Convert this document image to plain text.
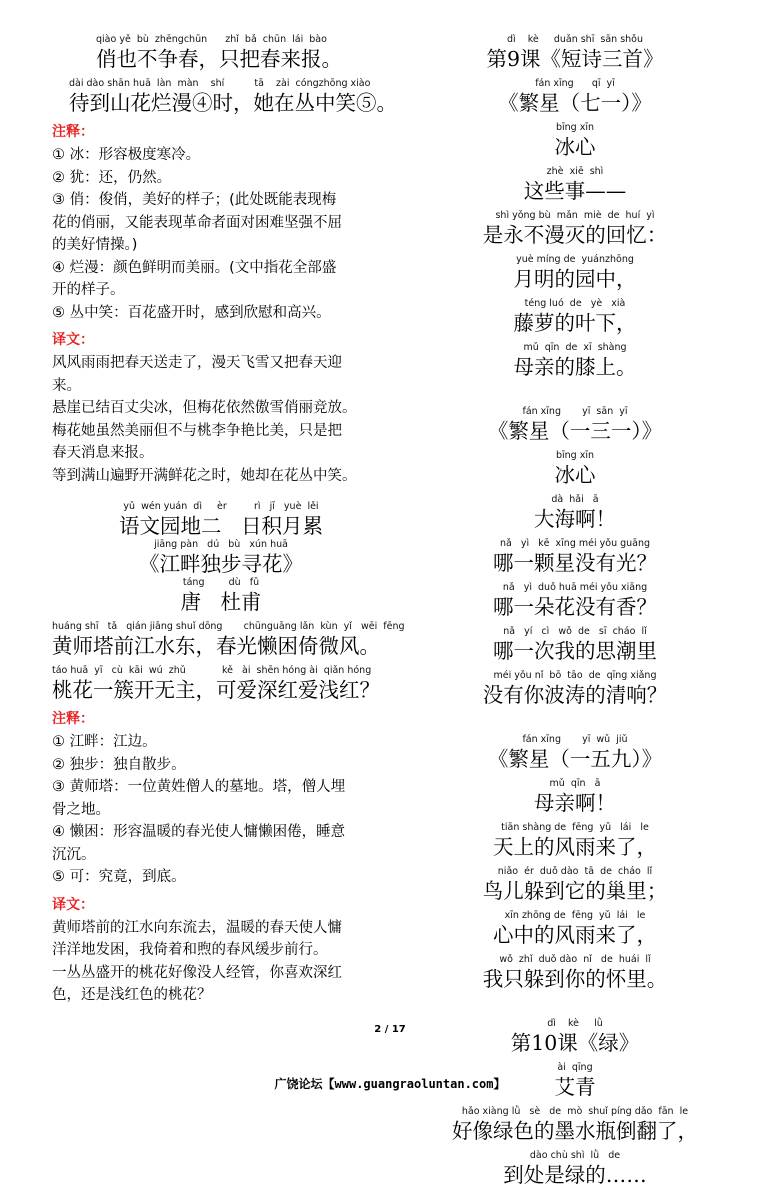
qiào yě  bù  zhēngchūn      zhǐ  bǎ  chūn  lái  bào
俏也不争春，只把春来报。
dài dào shān huā  làn  màn    shí          tā    zài  cóngzhōng xiào
待到山花烂漫④时，她在丛中笑⑤。
注释：
① 冰：形容极度寒冷。
② 犹：还，仍然。
③ 俏：俊俏，美好的样子；(此处既能表现梅
花的俏丽，又能表现革命者面对困难坚强不屈
的美好情操。)
④ 烂漫：颜色鲜明而美丽。(文中指花全部盛
开的样子。
⑤ 丛中笑：百花盛开时，感到欣慰和高兴。
译文：
风风雨雨把春天送走了，漫天飞雪又把春天迎
来。
悬崖已结百丈尖冰，但梅花依然傲雪俏丽竞放。
梅花她虽然美丽但不与桃李争艳比美，只是把
春天消息来报。
等到满山遍野开满鲜花之时，她却在花丛中笑。
yǔ  wén yuán  dì     èr         rì   jī   yuè  lěi
语文园地二   日积月累
jiāng pàn   dú   bù   xún huā
《江畔独步寻花》
táng        dù   fǔ
唐   杜甫
huáng shī   tǎ   qián jiāng shuǐ dōng       chūnguāng lǎn  kùn  yǐ   wēi  fēng
黄师塔前江水东，春光懒困倚微风。
táo huā  yī   cù  kāi  wú  zhǔ            kě   ài  shēn hóng ài  qiǎn hóng
桃花一簇开无主，可爱深红爱浅红？
注释：
① 江畔：江边。
② 独步：独自散步。
③ 黄师塔：一位黄姓僧人的墓地。塔，僧人埋
骨之地。
④ 懒困：形容温暖的春光使人慵懒困倦，睡意
沉沉。
⑤ 可：究竟，到底。
译文：
黄师塔前的江水向东流去，温暖的春天使人慵
洋洋地发困，我倚着和煦的春风缓步前行。
一丛丛盛开的桃花好像没人经管，你喜欢深红
色，还是浅红色的桃花？
dì    kè     duǎn shī  sān shǒu
第9课《短诗三首》
fán xīng      qī  yī
《繁星（七一）》
bīng xīn
冰心
zhè  xiē  shì
这些事——
shì yǒng bù  mǎn  miè  de  huí  yì
是永不漫灭的回忆：
yuè míng de  yuánzhōng
月明的园中，
téng luó  de   yè   xià
藤萝的叶下，
mǔ  qīn  de  xī  shàng
母亲的膝上。
fán xīng       yī  sān  yī
《繁星（一三一）》
bīng xīn
冰心
dà  hǎi   ā
大海啊！
nǎ   yì   kē  xīng méi yǒu guāng
哪一颗星没有光？
nǎ   yì  duǒ huā méi yǒu xiāng
哪一朵花没有香？
nǎ   yí   cì   wǒ  de   sī  cháo  lǐ
哪一次我的思潮里
méi yǒu nǐ  bō  tāo  de  qīng xiǎng
没有你波涛的清响？
fán xīng       yī  wǔ  jiǔ
《繁星（一五九）》
mǔ  qīn   ā
母亲啊！
tiān shàng de  fēng  yǔ   lái   le
天上的风雨来了，
niǎo  ér  duǒ dào  tā  de  cháo  lǐ
鸟儿躲到它的巢里；
xīn zhōng de  fēng  yǔ  lái   le
心中的风雨来了，
wǒ  zhǐ  duǒ dào  nǐ   de  huái  lǐ
我只躲到你的怀里。
dì    kè     lǜ
第10课《绿》
ài  qīng
艾青
hǎo xiàng lǜ   sè   de  mò  shuǐ píng dǎo  fān  le
好像绿色的墨水瓶倒翻了，
dào chù shì  lǜ   de
到处是绿的……
2 / 17
广饶论坛【www.guangraoluntan.com】
